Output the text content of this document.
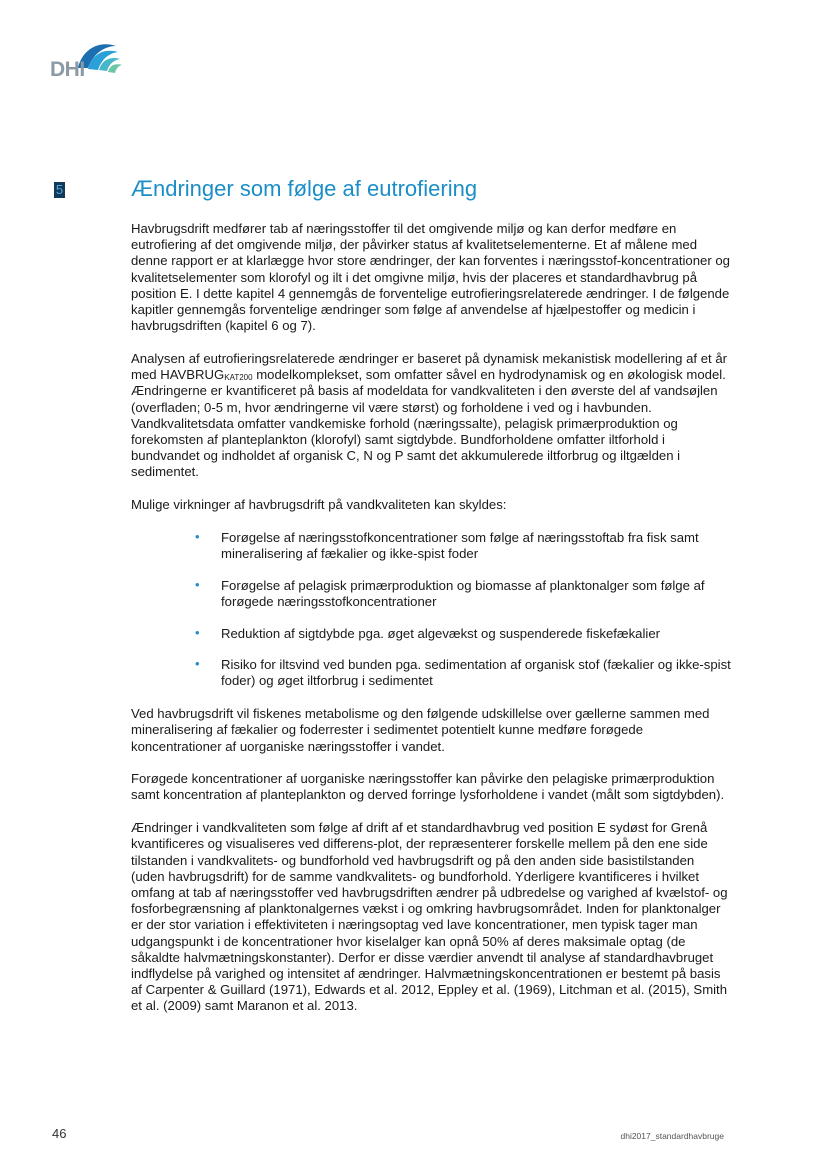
DHI
5	Ændringer som følge af eutrofiering

Havbrugsdrift medfører tab af næringsstoffer til det omgivende miljø og kan derfor medføre en eutrofiering af det omgivende miljø, der påvirker status af kvalitetselementerne. Et af målene med denne rapport er at klarlægge hvor store ændringer, der kan forventes i næringsstof-koncentrationer og kvalitetselementer som klorofyl og ilt i det omgivne miljø, hvis der placeres et standardhavbrug på position E. I dette kapitel 4 gennemgås de forventelige eutrofieringsrelaterede ændringer. I de følgende kapitler gennemgås forventelige ændringer som følge af anvendelse af hjælpestoffer og medicin i havbrugsdriften (kapitel 6 og 7).

Analysen af eutrofieringsrelaterede ændringer er baseret på dynamisk mekanistisk modellering af et år med $HAVBRUG_{KAT200}$ modelkomplekset, som omfatter såvel en hydrodynamisk og en økologisk model. Ændringerne er kvantificeret på basis af modeldata for vandkvaliteten i den øverste del af vandsøjlen (overfladen; 0-5 m, hvor ændringerne vil være størst) og forholdene i ved og i havbunden. Vandkvalitetsdata omfatter vandkemiske forhold (næringssalte), pelagisk primærproduktion og forekomsten af planteplankton (klorofyl) samt sigtdybde. Bundforholdene omfatter iltforhold i bundvandet og indholdet af organisk C, N og P samt det akkumulerede iltforbrug og iltgælden i sedimentet.

Mulige virkninger af havbrugsdrift på vandkvaliteten kan skyldes:

• Forøgelse af næringsstofkoncentrationer som følge af næringsstoftab fra fisk samt mineralisering af fækalier og ikke-spist foder
• Forøgelse af pelagisk primærproduktion og biomasse af planktonalger som følge af forøgede næringsstofkoncentrationer
• Reduktion af sigtdybde pga. øget algevækst og suspenderede fiskefækalier
• Risiko for iltsvind ved bunden pga. sedimentation af organisk stof (fækalier og ikke-spist foder) og øget iltforbrug i sedimentet

Ved havbrugsdrift vil fiskenes metabolisme og den følgende udskillelse over gællerne sammen med mineralisering af fækalier og foderrester i sedimentet potentielt kunne medføre forøgede koncentrationer af uorganiske næringsstoffer i vandet.

Forøgede koncentrationer af uorganiske næringsstoffer kan påvirke den pelagiske primærproduktion samt koncentration af planteplankton og derved forringe lysforholdene i vandet (målt som sigtdybden).

Ændringer i vandkvaliteten som følge af drift af et standardhavbrug ved position E sydøst for Grenå kvantificeres og visualiseres ved differens-plot, der repræsenterer forskelle mellem på den ene side tilstanden i vandkvalitets- og bundforhold ved havbrugsdrift og på den anden side basistilstanden (uden havbrugsdrift) for de samme vandkvalitets- og bundforhold. Yderligere kvantificeres i hvilket omfang at tab af næringsstoffer ved havbrugsdriften ændrer på udbredelse og varighed af kvælstof- og fosforbegrænsning af planktonalgernes vækst i og omkring havbrugsområdet. Inden for planktonalger er der stor variation i effektiviteten i næringsoptag ved lave koncentrationer, men typisk tager man udgangspunkt i de koncentrationer hvor kiselalger kan opnå 50% af deres maksimale optag (de såkaldte halvmætningskonstanter). Derfor er disse værdier anvendt til analyse af standardhavbruget indflydelse på varighed og intensitet af ændringer. Halvmætningskoncentrationen er bestemt på basis af Carpenter & Guillard (1971), Edwards et al. 2012, Eppley et al. (1969), Litchman et al. (2015), Smith et al. (2009) samt Maranon et al. 2013.

46	dhi2017_standardhavbruge
